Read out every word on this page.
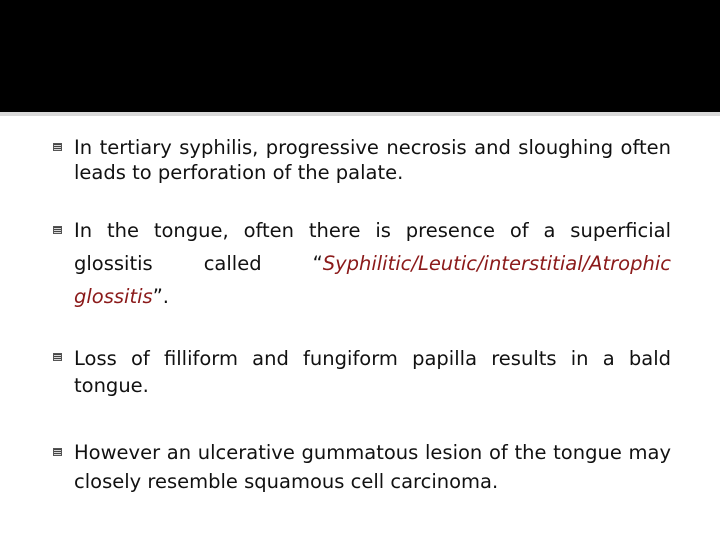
In tertiary syphilis, progressive necrosis and sloughing often leads to perforation of the palate.
In the tongue, often there is presence of a superficial glossitis called “Syphilitic/Leutic/interstitial/Atrophic glossitis”.
Loss of filliform and fungiform papilla results in a bald tongue.
However an ulcerative gummatous lesion of the tongue may closely resemble squamous cell carcinoma.
